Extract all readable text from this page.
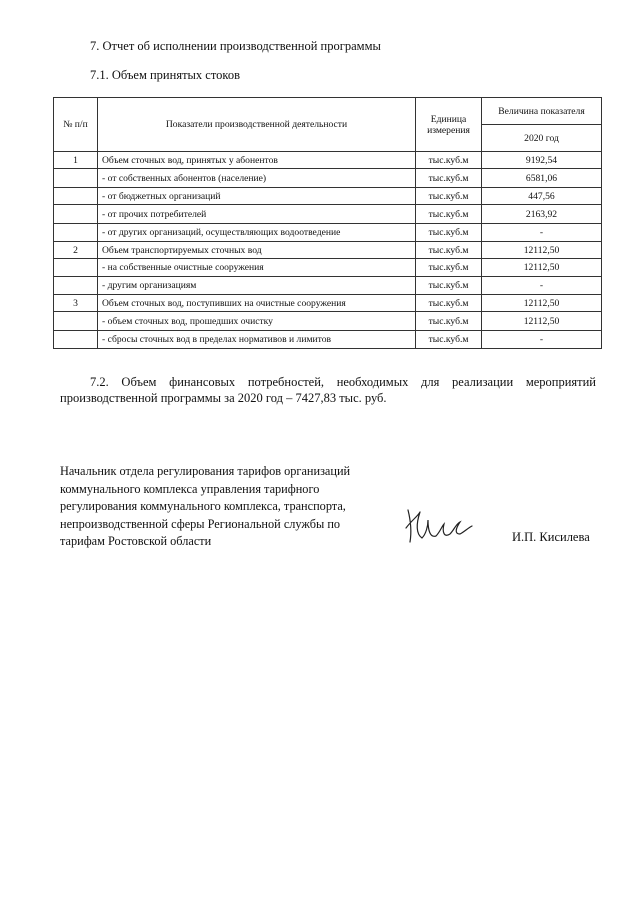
7. Отчет об исполнении производственной программы
7.1. Объем принятых стоков
№ п/п	Показатели производственной деятельности	Единица измерения	Величина показателя
			2020 год
1	Объем сточных вод, принятых у абонентов	тыс.куб.м	9192,54
	- от собственных абонентов (население)	тыс.куб.м	6581,06
	- от бюджетных организаций	тыс.куб.м	447,56
	- от прочих потребителей	тыс.куб.м	2163,92
	- от других организаций, осуществляющих водоотведение	тыс.куб.м	-
2	Объем транспортируемых сточных вод	тыс.куб.м	12112,50
	- на собственные очистные сооружения	тыс.куб.м	12112,50
	- другим организациям	тыс.куб.м	-
3	Объем сточных вод, поступивших на очистные сооружения	тыс.куб.м	12112,50
	- объем сточных вод, прошедших очистку	тыс.куб.м	12112,50
	- сбросы сточных вод в пределах нормативов и лимитов	тыс.куб.м	-
7.2. Объем финансовых потребностей, необходимых для реализации мероприятий производственной программы за 2020 год – 7427,83 тыс. руб.
Начальник отдела регулирования тарифов организаций
коммунального комплекса управления тарифного
регулирования коммунального комплекса, транспорта,
непроизводственной сферы Региональной службы по
тарифам Ростовской области	И.П. Кисилева
